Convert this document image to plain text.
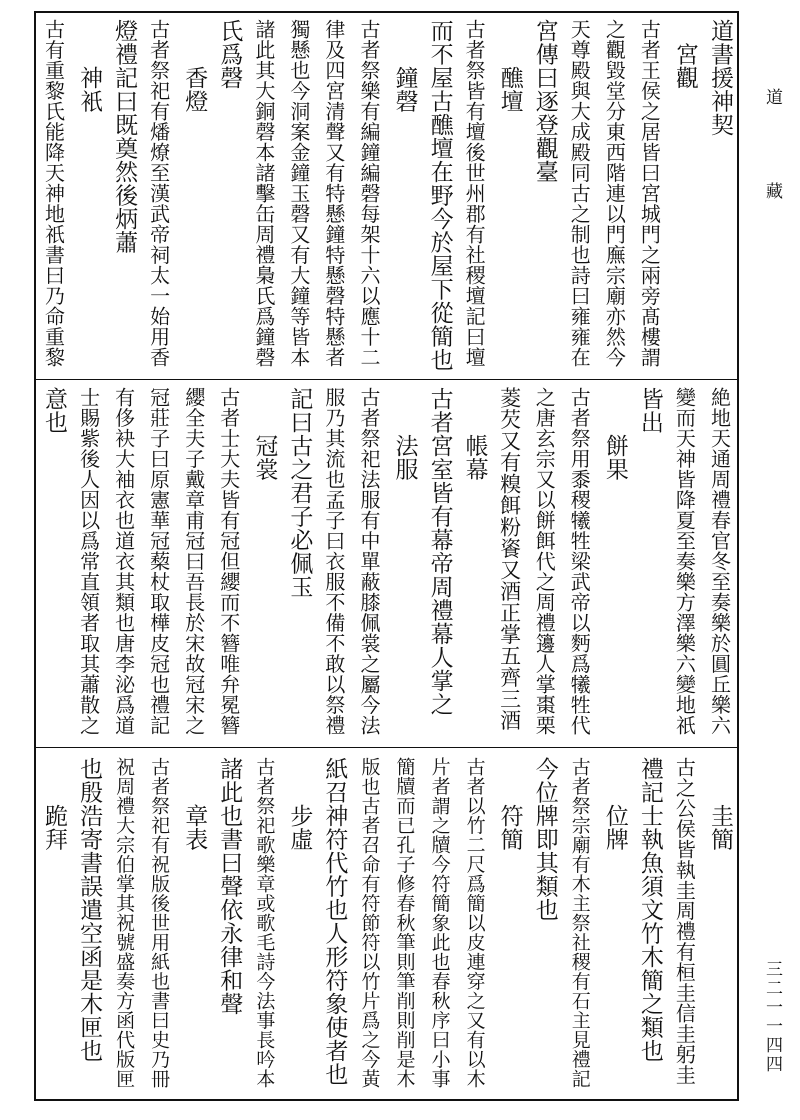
道
藏
三二一一四四
道書援神契
　宮觀
古者王侯之居皆曰宮城門之兩旁髙樓謂
之觀毀堂分東西階連以門廡宗廟亦然今
天尊殿與大成殿同古之制也詩曰雍雍在
宮傳曰逐登觀臺
　　醮壇
古者祭皆有壇後世州郡有社稷壇記曰壇
而不屋古醮壇在野今於屋下從簡也
　　鐘磬
古者祭樂有編鐘編磬每架十六以應十二
律及四宮清聲又有特懸鐘特懸磬特懸者
獨懸也今洞案金鐘玉磬又有大鐘等皆本
諸此其大銅磬本諸擊缶周禮梟氏爲鐘磬
氏爲磬
　　香燈
古者祭祀有燔燎至漢武帝祠太一始用香
燈禮記曰既奠然後炳蕭
　　神衹
古有重黎氏能降天神地祇書曰乃命重黎
絶地天通周禮春官冬至奏樂於圓丘樂六
變而天神皆降夏至奏樂方澤樂六變地祇
皆出
　　餅果
古者祭用黍稷犧牲梁武帝以麪爲犧牲代
之唐玄宗又以餅餌代之周禮籩人掌棗栗
菱芡又有糗餌粉餈又酒正掌五齊三酒
　　帳幕
古者宮室皆有幕帝周禮幕人掌之
　　法服
古者祭祀法服有中單蔽膝佩裳之屬今法
服乃其流也孟子曰衣服不備不敢以祭禮
記曰古之君子必佩玉
　　冠裳
古者士大夫皆有冠但纓而不簪唯弁冕簪
纓全夫子戴章甫冠曰吾長於宋故冠宋之
冠莊子曰原憲華冠蔾杖取樺皮冠也禮記
有侈袂大袖衣也道衣其類也唐李泌爲道
士賜紫後人因以爲常直領者取其蕭散之
意也
　　圭簡
古之公侯皆執圭周禮有桓圭信圭躬圭
禮記士執魚須文竹木簡之類也
　　位牌
古者祭宗廟有木主祭社稷有石主見禮記
今位牌即其類也
　　符簡
古者以竹二尺爲簡以皮連穿之又有以木
片者謂之牘今符簡象此也春秋序曰小事
簡牘而已孔子修春秋筆則筆削則削是木
版也古者召命有符節符以竹片爲之今黃
紙召神符代竹也人形符象使者也
　　步虛
古者祭祀歌樂章或歌毛詩今法事長吟本
諸此也書曰聲依永律和聲
　　章表
古者祭祀有祝版後世用紙也書曰史乃冊
祝周禮大宗伯掌其祝號盛奏方函代版匣
也殷浩寄書誤遣空函是木匣也
　　跪拜
